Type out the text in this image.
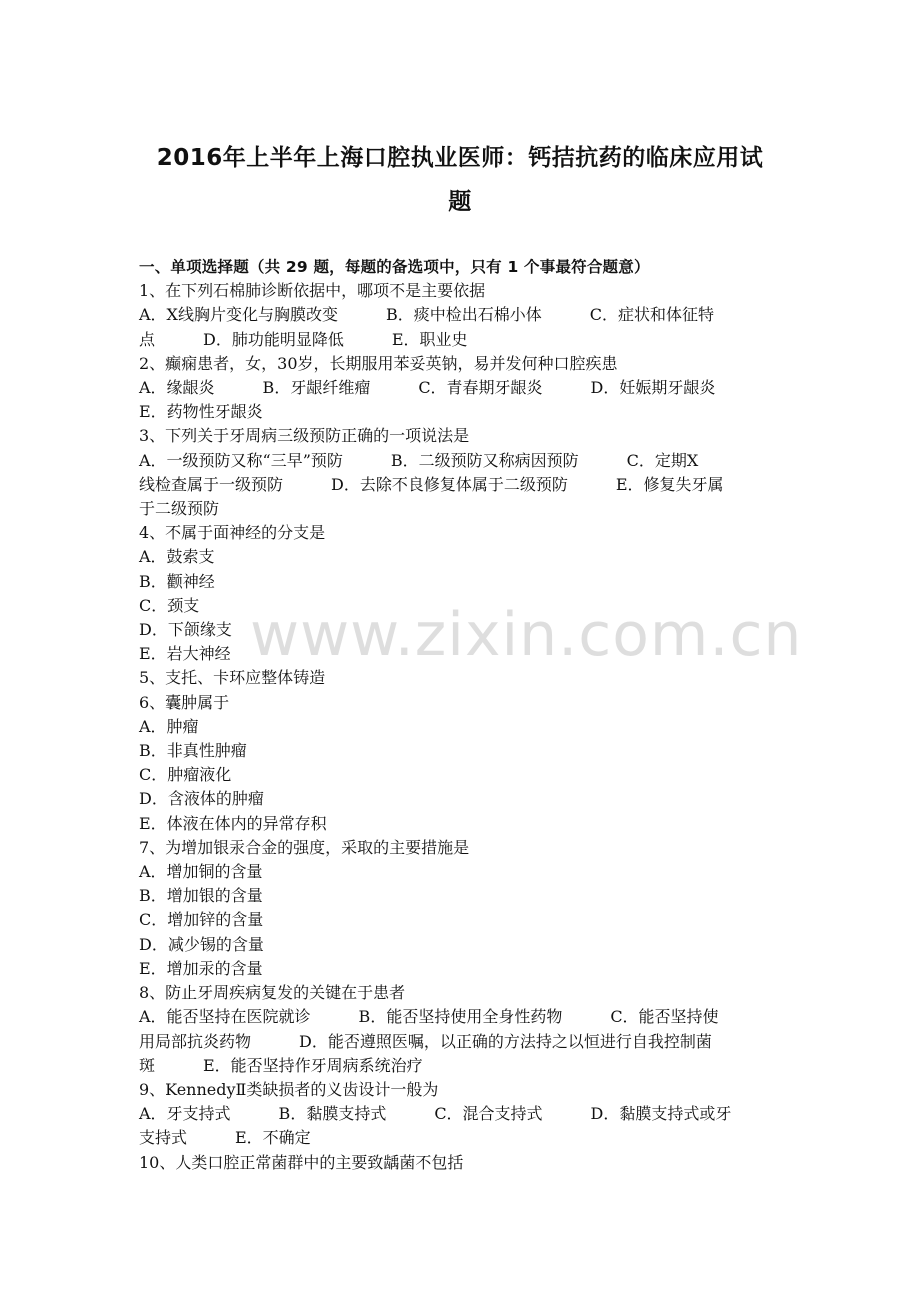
www.zixin.com.cn
2016年上半年上海口腔执业医师：钙拮抗药的临床应用试
题
一、单项选择题（共 29 题，每题的备选项中，只有 1 个事最符合题意）
1、在下列石棉肺诊断依据中，哪项不是主要依据
A．X线胸片变化与胸膜改变　　　B．痰中检出石棉小体　　　C．症状和体征特
点　　　D．肺功能明显降低　　　E．职业史
2、癫痫患者，女，30岁，长期服用苯妥英钠，易并发何种口腔疾患
A．缘龈炎　　　B．牙龈纤维瘤　　　C．青春期牙龈炎　　　D．妊娠期牙龈炎
E．药物性牙龈炎
3、下列关于牙周病三级预防正确的一项说法是
A．一级预防又称“三早”预防　　　B．二级预防又称病因预防　　　C．定期X
线检查属于一级预防　　　D．去除不良修复体属于二级预防　　　E．修复失牙属
于二级预防
4、不属于面神经的分支是
A．鼓索支
B．颧神经
C．颈支
D．下颌缘支
E．岩大神经
5、支托、卡环应整体铸造
6、囊肿属于
A．肿瘤
B．非真性肿瘤
C．肿瘤液化
D．含液体的肿瘤
E．体液在体内的异常存积
7、为增加银汞合金的强度，采取的主要措施是
A．增加铜的含量
B．增加银的含量
C．增加锌的含量
D．减少锡的含量
E．增加汞的含量
8、防止牙周疾病复发的关键在于患者
A．能否坚持在医院就诊　　　B．能否坚持使用全身性药物　　　C．能否坚持使
用局部抗炎药物　　　D．能否遵照医嘱，以正确的方法持之以恒进行自我控制菌
斑　　　E．能否坚持作牙周病系统治疗
9、KennedyⅡ类缺损者的义齿设计一般为
A．牙支持式　　　B．黏膜支持式　　　C．混合支持式　　　D．黏膜支持式或牙
支持式　　　E．不确定
10、人类口腔正常菌群中的主要致龋菌不包括
